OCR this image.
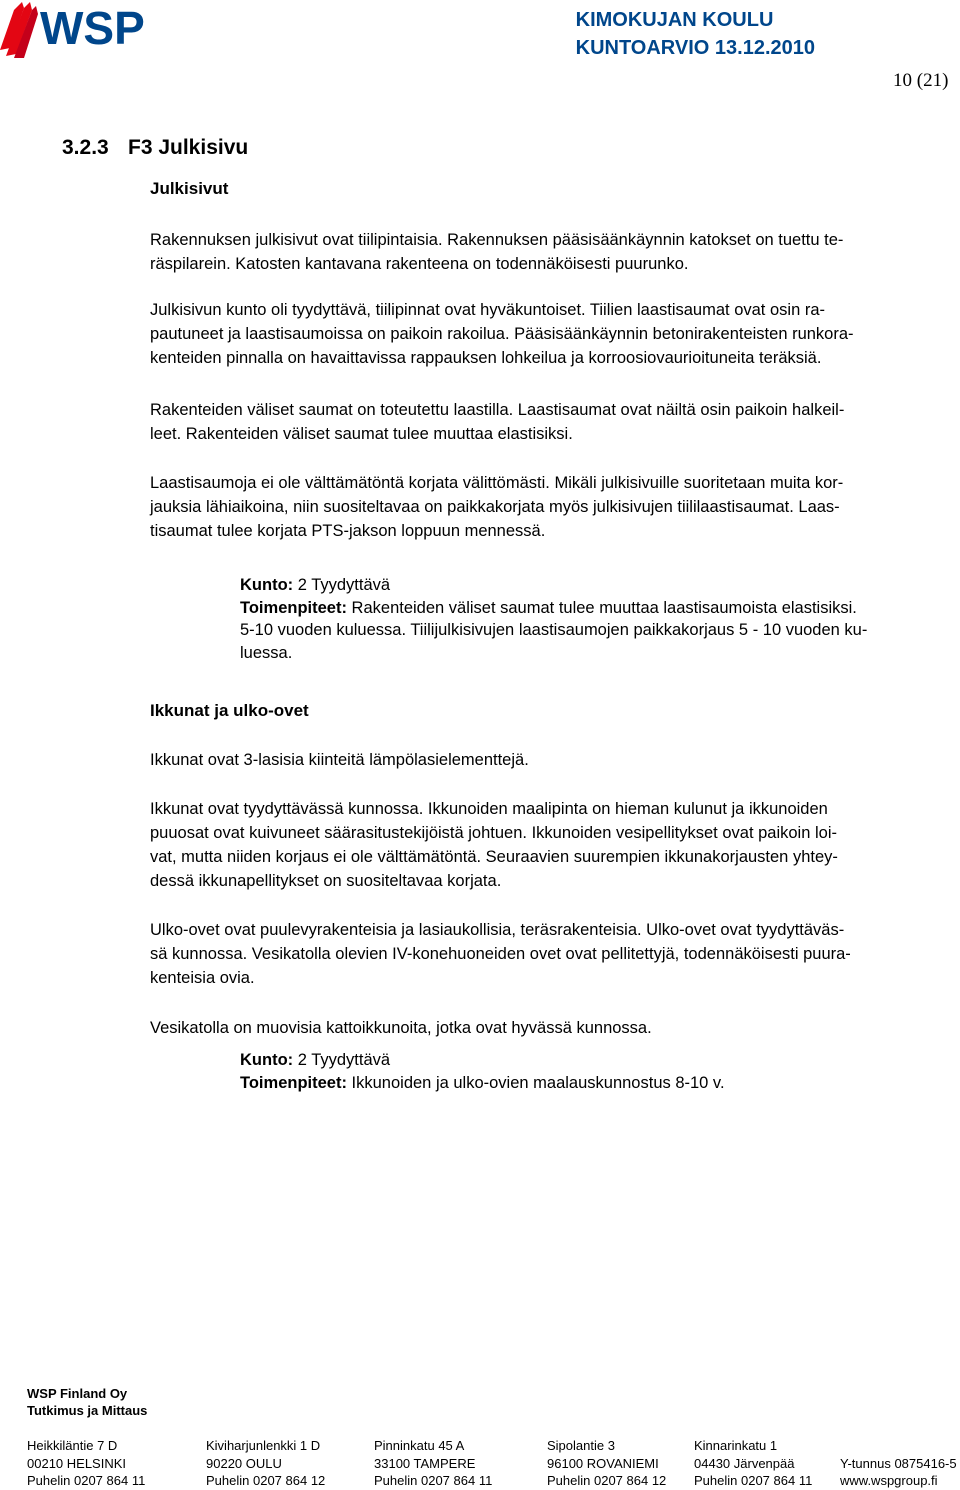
WSP	KIMOKUJAN KOULU
KUNTOARVIO 13.12.2010
10 (21)
3.2.3 F3 Julkisivu
Julkisivut
Rakennuksen julkisivut ovat tiilipintaisia. Rakennuksen pääsisäänkäynnin katokset on tuettu te-
räspilarein. Katosten kantavana rakenteena on todennäköisesti puurunko.
Julkisivun kunto oli tyydyttävä, tiilipinnat ovat hyväkuntoiset. Tiilien laastisaumat ovat osin ra-
pautuneet ja laastisaumoissa on paikoin rakoilua. Pääsisäänkäynnin betonirakenteisten runkora-
kenteiden pinnalla on havaittavissa rappauksen lohkeilua ja korroosiovaurioituneita teräksiä.
Rakenteiden väliset saumat on toteutettu laastilla. Laastisaumat ovat näiltä osin paikoin halkeil-
leet. Rakenteiden väliset saumat tulee muuttaa elastisiksi.
Laastisaumoja ei ole välttämätöntä korjata välittömästi. Mikäli julkisivuille suoritetaan muita kor-
jauksia lähiaikoina, niin suositeltavaa on paikkakorjata myös julkisivujen tiililaastisaumat. Laas-
tisaumat tulee korjata PTS-jakson loppuun mennessä.
Kunto: 2 Tyydyttävä
Toimenpiteet: Rakenteiden väliset saumat tulee muuttaa laastisaumoista elastisiksi.
5-10 vuoden kuluessa. Tiilijulkisivujen laastisaumojen paikkakorjaus 5 - 10 vuoden ku-
luessa.
Ikkunat ja ulko-ovet
Ikkunat ovat 3-lasisia kiinteitä lämpölasielementtejä.
Ikkunat ovat tyydyttävässä kunnossa. Ikkunoiden maalipinta on hieman kulunut ja ikkunoiden
puuosat ovat kuivuneet säärasitustekijöistä johtuen. Ikkunoiden vesipellitykset ovat paikoin loi-
vat, mutta niiden korjaus ei ole välttämätöntä. Seuraavien suurempien ikkunakorjausten yhtey-
dessä ikkunapellitykset on suositeltavaa korjata.
Ulko-ovet ovat puulevyrakenteisia ja lasiaukollisia, teräsrakenteisia. Ulko-ovet ovat tyydyttäväs-
sä kunnossa. Vesikatolla olevien IV-konehuoneiden ovet ovat pellitettyjä, todennäköisesti puura-
kenteisia ovia.
Vesikatolla on muovisia kattoikkunoita, jotka ovat hyvässä kunnossa.
Kunto: 2 Tyydyttävä
Toimenpiteet: Ikkunoiden ja ulko-ovien maalauskunnostus 8-10 v.
WSP Finland Oy
Tutkimus ja Mittaus
Heikkiläntie 7 D
00210 HELSINKI
Puhelin 0207 864 11
Kiviharjunlenkki 1 D
90220 OULU
Puhelin 0207 864 12
Pinninkatu 45 A
33100 TAMPERE
Puhelin 0207 864 11
Sipolantie 3
96100 ROVANIEMI
Puhelin 0207 864 12
Kinnarinkatu 1
04430 Järvenpää
Puhelin 0207 864 11

Y-tunnus 0875416-5
www.wspgroup.fi
